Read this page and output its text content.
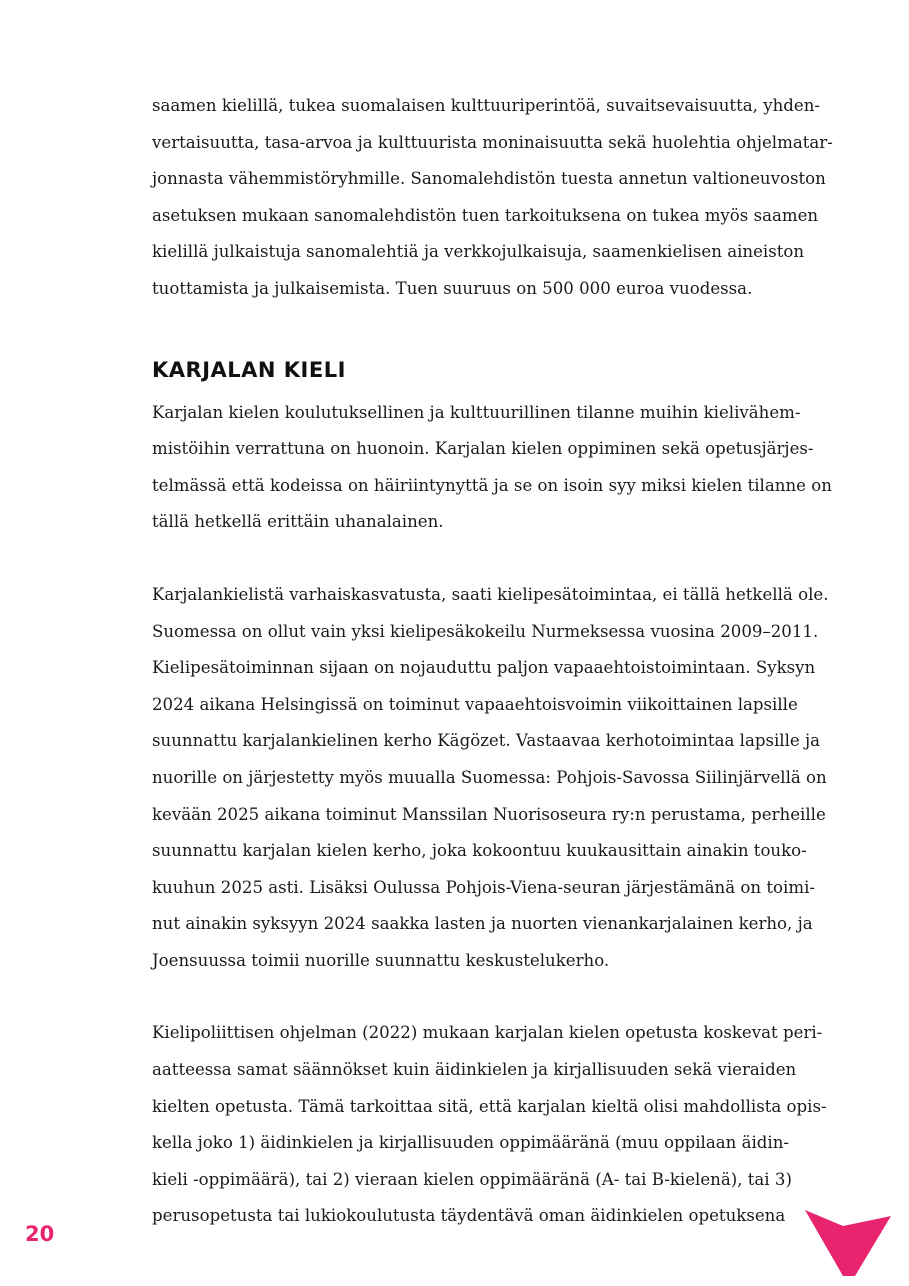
saamen kielillä, tukea suomalaisen kulttuuriperintöä, suvaitsevaisuutta, yhden-
vertaisuutta, tasa-arvoa ja kulttuurista moninaisuutta sekä huolehtia ohjelmatar-
jonnasta vähemmistöryhmille. Sanomalehdistön tuesta annetun valtioneuvoston
asetuksen mukaan sanomalehdistön tuen tarkoituksena on tukea myös saamen
kielillä julkaistuja sanomalehtiä ja verkkojulkaisuja, saamenkielisen aineiston
tuottamista ja julkaisemista. Tuen suuruus on 500 000 euroa vuodessa.

KARJALAN KIELI

Karjalan kielen koulutuksellinen ja kulttuurillinen tilanne muihin kielivähem-
mistöihin verrattuna on huonoin. Karjalan kielen oppiminen sekä opetusjärjes-
telmässä että kodeissa on häiriintynyttä ja se on isoin syy miksi kielen tilanne on
tällä hetkellä erittäin uhanalainen.

Karjalankielistä varhaiskasvatusta, saati kielipesätoimintaa, ei tällä hetkellä ole.
Suomessa on ollut vain yksi kielipesäkokeilu Nurmeksessa vuosina 2009–2011.
Kielipesätoiminnan sijaan on nojauduttu paljon vapaaehtoistoimintaan. Syksyn
2024 aikana Helsingissä on toiminut vapaaehtoisvoimin viikoittainen lapsille
suunnattu karjalankielinen kerho Kägözet. Vastaavaa kerhotoimintaa lapsille ja
nuorille on järjestetty myös muualla Suomessa: Pohjois-Savossa Siilinjärvellä on
kevään 2025 aikana toiminut Manssilan Nuorisoseura ry:n perustama, perheille
suunnattu karjalan kielen kerho, joka kokoontuu kuukausittain ainakin touko-
kuuhun 2025 asti. Lisäksi Oulussa Pohjois-Viena-seuran järjestämänä on toimi-
nut ainakin syksyyn 2024 saakka lasten ja nuorten vienankarjalainen kerho, ja
Joensuussa toimii nuorille suunnattu keskustelukerho.

Kielipoliittisen ohjelman (2022) mukaan karjalan kielen opetusta koskevat peri-
aatteessa samat säännökset kuin äidinkielen ja kirjallisuuden sekä vieraiden
kielten opetusta. Tämä tarkoittaa sitä, että karjalan kieltä olisi mahdollista opis-
kella joko 1) äidinkielen ja kirjallisuuden oppimääränä (muu oppilaan äidin-
kieli -oppimäärä), tai 2) vieraan kielen oppimääränä (A- tai B-kielenä), tai 3)
perusopetusta tai lukiokoulutusta täydentävä oman äidinkielen opetuksena

20
